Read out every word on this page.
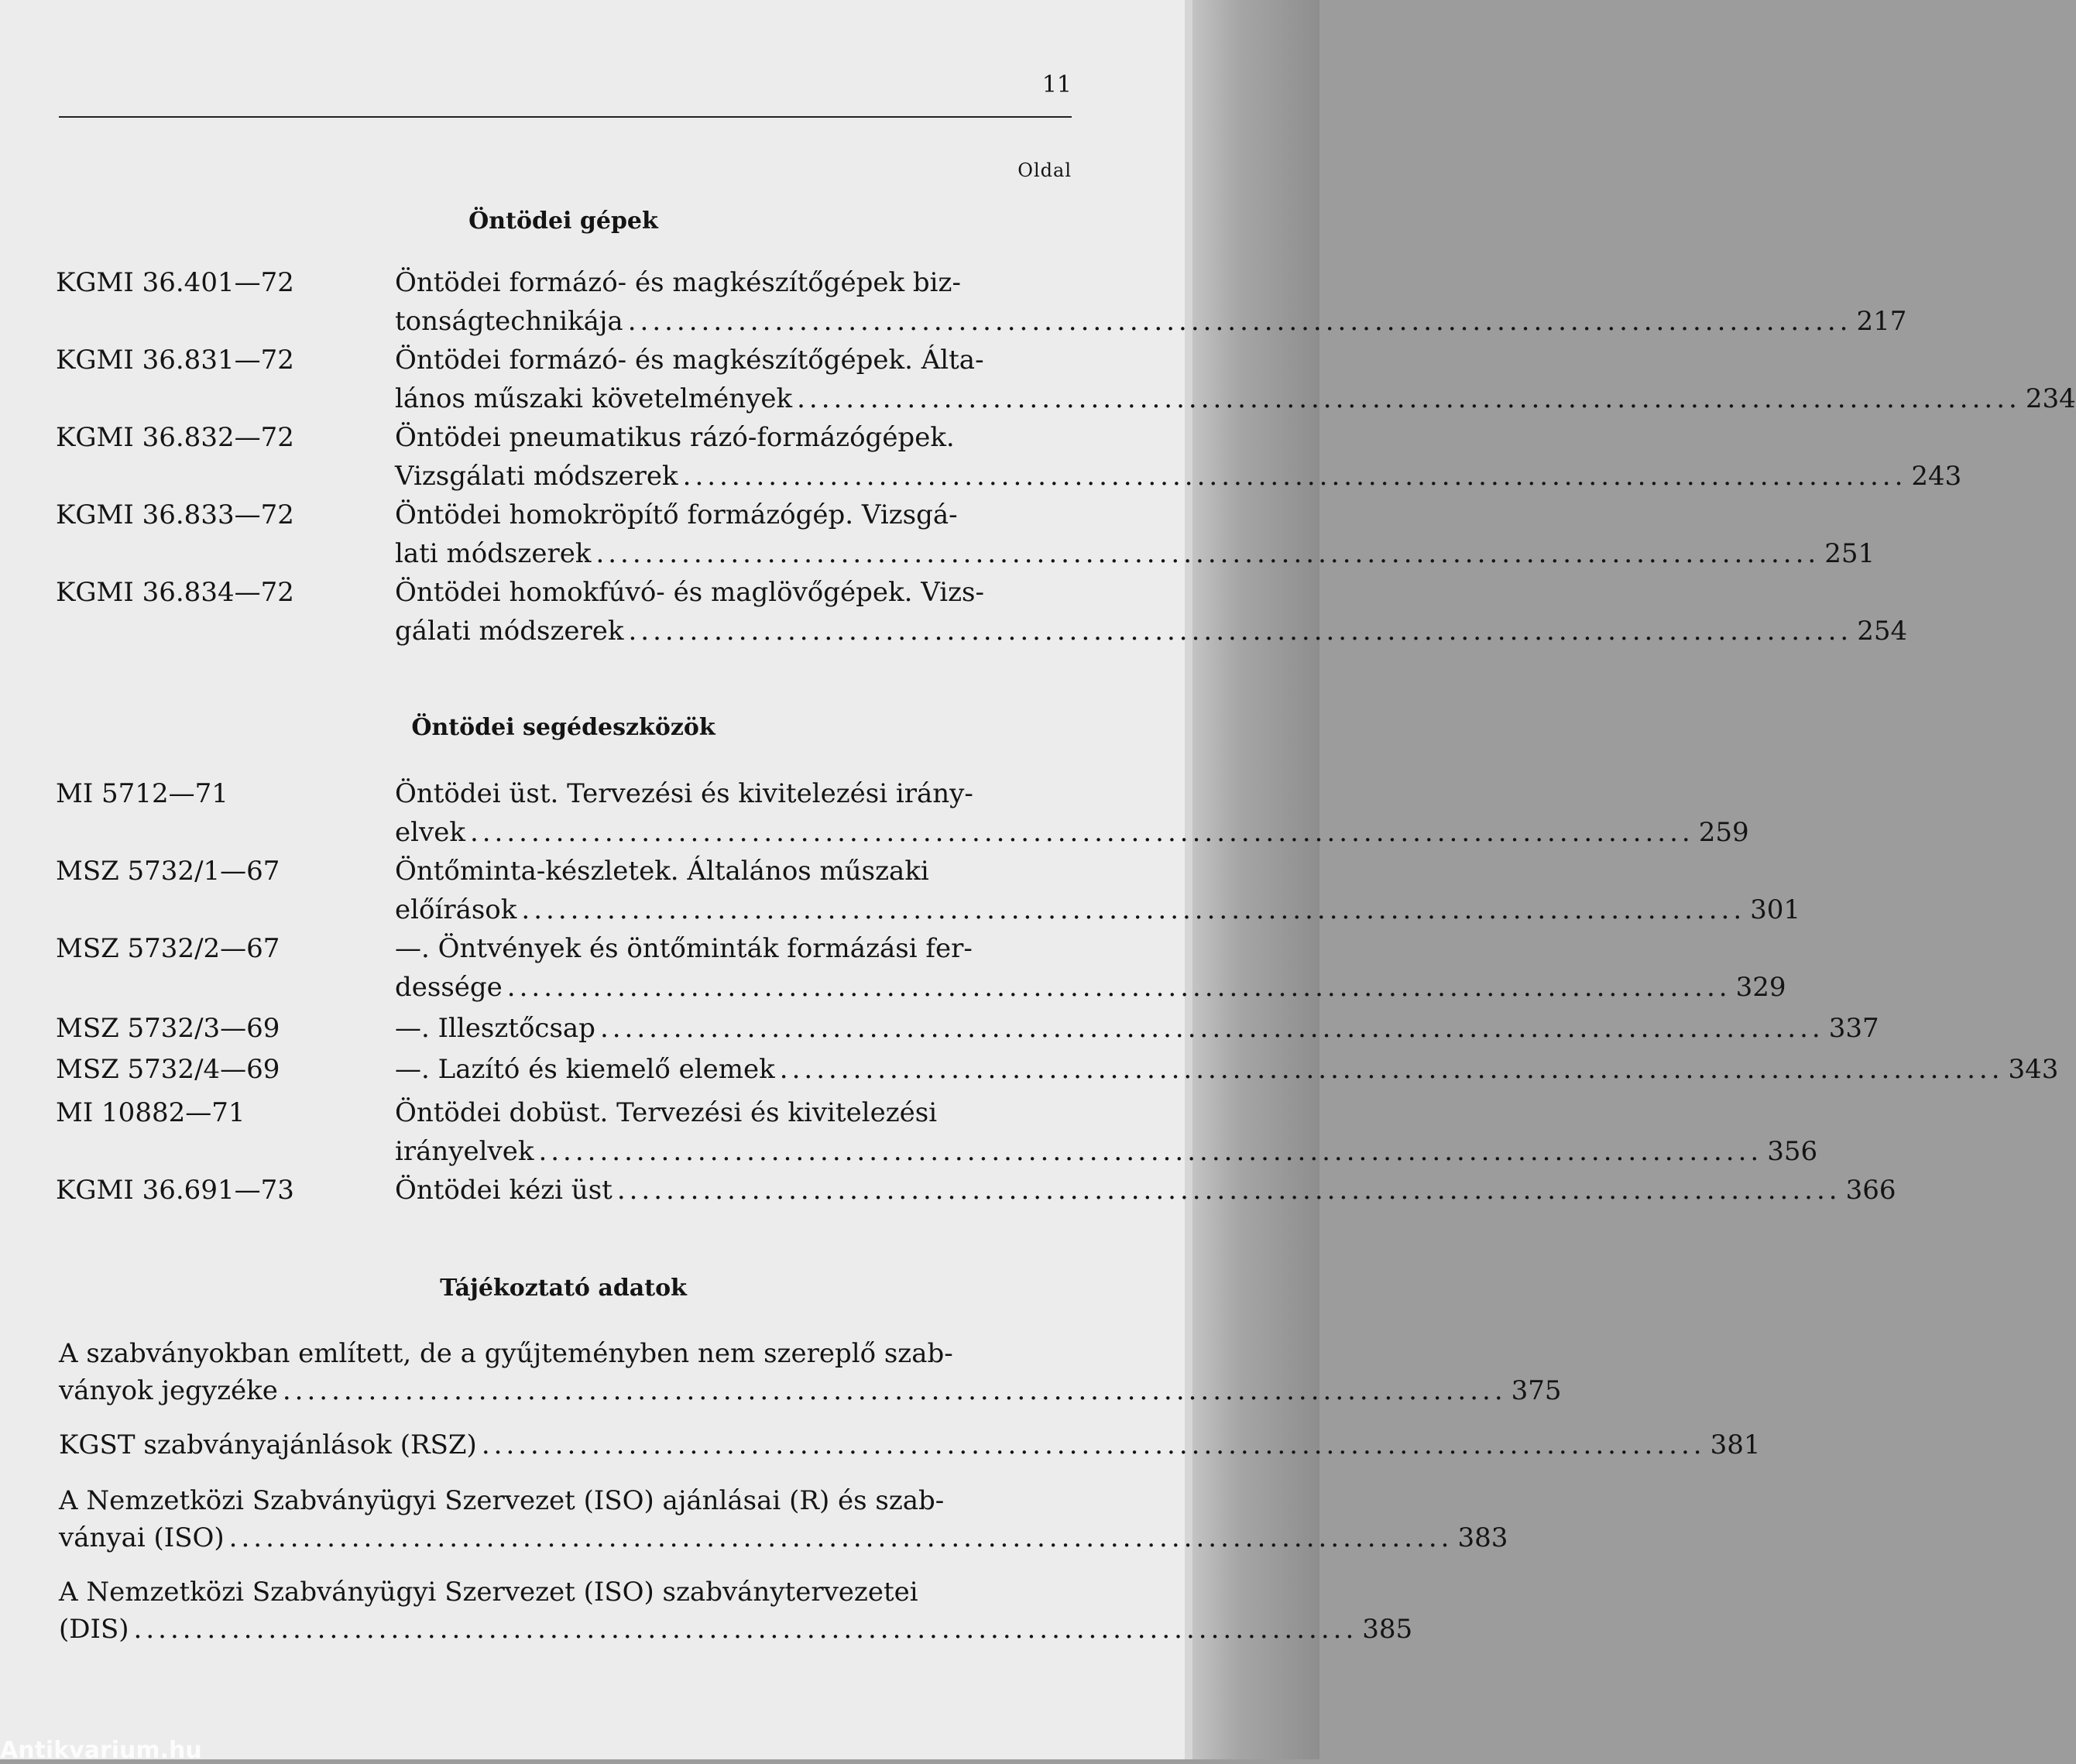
11
Oldal
Öntödei gépek
KGMI 36.401—72	Öntödei formázó- és magkészítőgépek biz-
tonságtechnikája .................................................................................................... 217
KGMI 36.831—72	Öntödei formázó- és magkészítőgépek. Álta-
lános műszaki követelmények .................................................................................................... 234
KGMI 36.832—72	Öntödei pneumatikus rázó-formázógépek.
Vizsgálati módszerek .................................................................................................... 243
KGMI 36.833—72	Öntödei homokröpítő formázógép. Vizsgá-
lati módszerek .................................................................................................... 251
KGMI 36.834—72	Öntödei homokfúvó- és maglövőgépek. Vizs-
gálati módszerek .................................................................................................... 254
Öntödei segédeszközök
MI 5712—71	Öntödei üst. Tervezési és kivitelezési irány-
elvek .................................................................................................... 259
MSZ 5732/1—67	Öntőminta-készletek. Általános műszaki
előírások .................................................................................................... 301
MSZ 5732/2—67	—. Öntvények és öntőminták formázási fer-
dessége .................................................................................................... 329
MSZ 5732/3—69	—. Illesztőcsap .................................................................................................... 337
MSZ 5732/4—69	—. Lazító és kiemelő elemek .................................................................................................... 343
MI 10882—71	Öntödei dobüst. Tervezési és kivitelezési
irányelvek .................................................................................................... 356
KGMI 36.691—73	Öntödei kézi üst .................................................................................................... 366
Tájékoztató adatok
A szabványokban említett, de a gyűjteményben nem szereplő szab-
ványok jegyzéke .................................................................................................... 375
KGST szabványajánlások (RSZ) .................................................................................................... 381
A Nemzetközi Szabványügyi Szervezet (ISO) ajánlásai (R) és szab-
ványai (ISO) .................................................................................................... 383
A Nemzetközi Szabványügyi Szervezet (ISO) szabványtervezetei
(DIS) .................................................................................................... 385
Antikvarium.hu
